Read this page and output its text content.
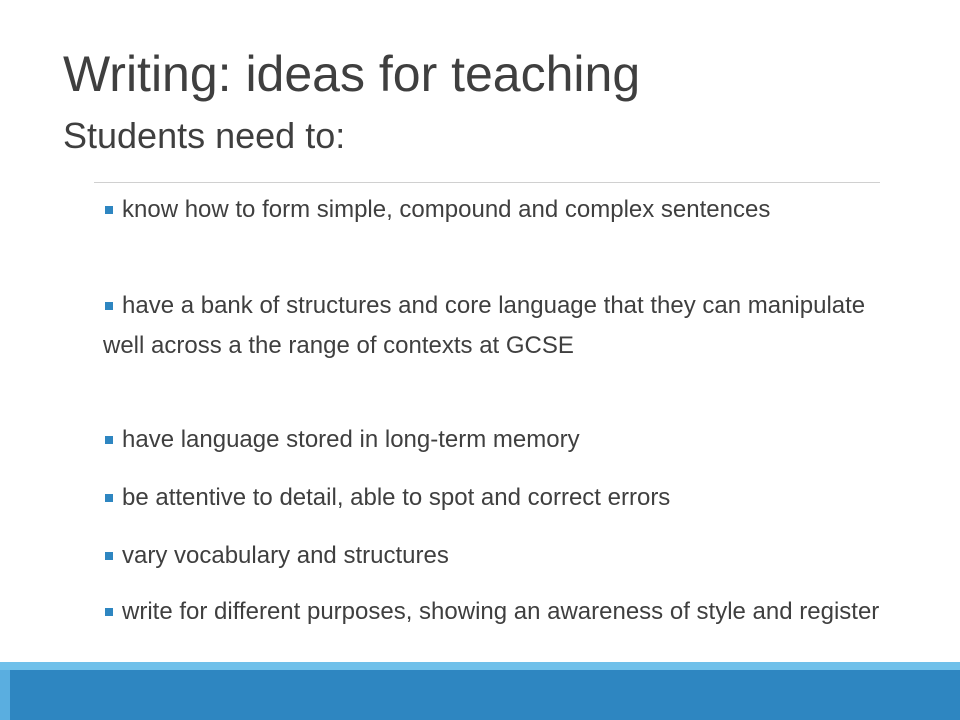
Writing: ideas for teaching
Students need to:
know how to form simple, compound and complex sentences
have a bank of structures and core language that they can manipulate well across a the range of contexts at GCSE
have language stored in long-term memory
be attentive to detail, able to spot and correct errors
vary vocabulary and structures
write for different purposes, showing an awareness of style and register
